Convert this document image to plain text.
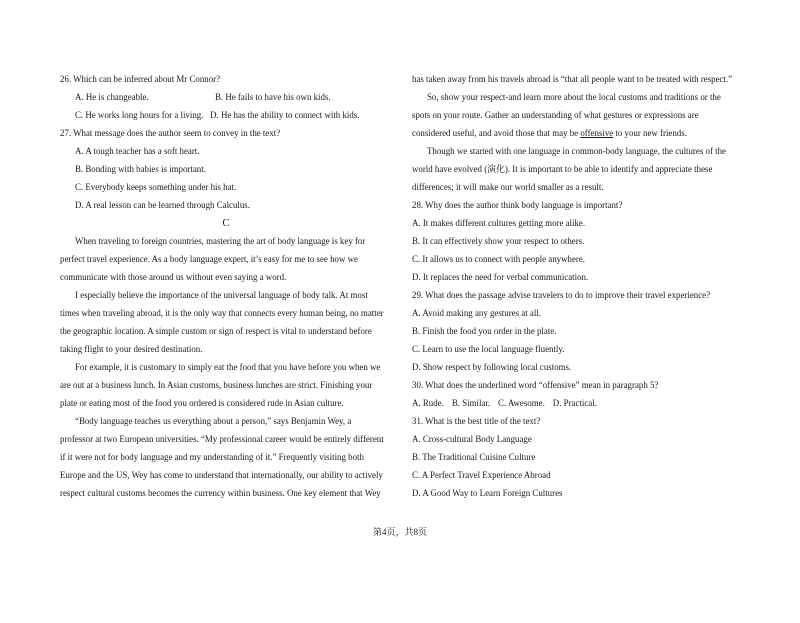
26. Which can be inferred about Mr Connor?
A. He is changeable.	B. He fails to have his own kids.
C. He works long hours for a living. D. He has the ability to connect with kids.
27. What message does the author seem to convey in the text?
A. A tough teacher has a soft heart.
B. Bonding with babies is important.
C. Everybody keeps something under his hat.
D. A real lesson can be learned through Calculus.
C
When traveling to foreign countries, mastering the art of body language is key for
perfect travel experience. As a body language expert, it’s easy for me to see how we
communicate with those around us without even saying a word.
I especially believe the importance of the universal language of body talk. At most
times when traveling abroad, it is the only way that connects every human being, no matter
the geographic location. A simple custom or sign of respect is vital to understand before
taking flight to your desired destination.
For example, it is customary to simply eat the food that you have before you when we
are out at a business lunch. In Asian customs, business lunches are strict. Finishing your
plate or eating most of the food you ordered is considered rude in Asian culture.
“Body language teaches us everything about a person,” says Benjamin Wey, a
professor at two European universities. “My professional career would be entirely different
if it were not for body language and my understanding of it.” Frequently visiting both
Europe and the US, Wey has come to understand that internationally, our ability to actively
respect cultural customs becomes the currency within business. One key element that Wey
has taken away from his travels abroad is “that all people want to be treated with respect.”
So, show your respect-and learn more about the local customs and traditions or the
spots on your route. Gather an understanding of what gestures or expressions are
considered useful, and avoid those that may be offensive to your new friends.
Though we started with one language in common-body language, the cultures of the
world have evolved (演化). It is important to be able to identify and appreciate these
differences; it will make our world smaller as a result.
28. Why does the author think body language is important?
A. It makes different cultures getting more alike.
B. It can effectively show your respect to others.
C. It allows us to connect with people anywhere.
D. It replaces the need for verbal communication.
29. What does the passage advise travelers to do to improve their travel experience?
A. Avoid making any gestures at all.
B. Finish the food you order in the plate.
C. Learn to use the local language fluently.
D. Show respect by following local customs.
30. What does the underlined word “offensive” mean in paragraph 5?
A. Rude. B. Similar. C. Awesome. D. Practical.
31. What is the best title of the text?
A. Cross-cultural Body Language
B. The Traditional Cuisine Culture
C. A Perfect Travel Experience Abroad
D. A Good Way to Learn Foreign Cultures
第4页，共8页
